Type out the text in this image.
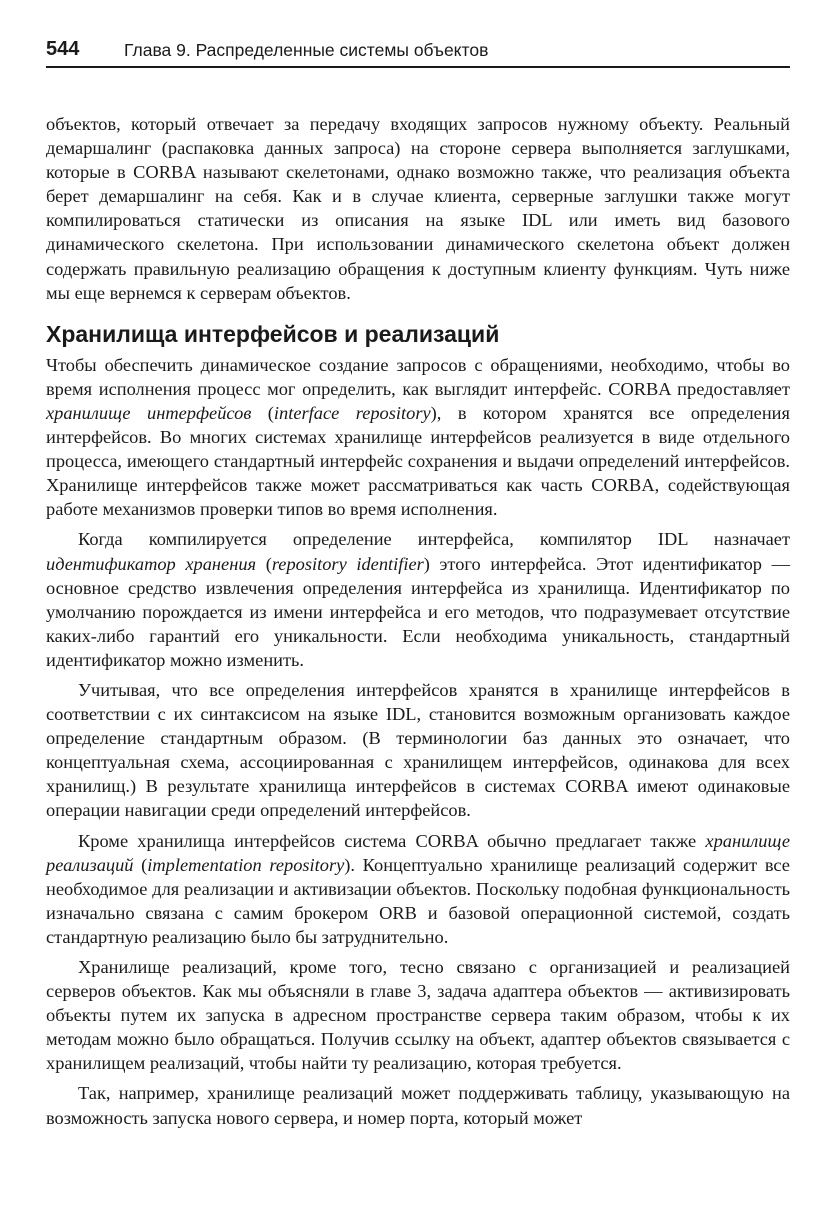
544	Глава 9. Распределенные системы объектов

объектов, который отвечает за передачу входящих запросов нужному объекту. Реальный демаршалинг (распаковка данных запроса) на стороне сервера выполняется заглушками, которые в CORBA называют скелетонами, однако возможно также, что реализация объекта берет демаршалинг на себя. Как и в случае клиента, серверные заглушки также могут компилироваться статически из описания на языке IDL или иметь вид базового динамического скелетона. При использовании динамического скелетона объект должен содержать правильную реализацию обращения к доступным клиенту функциям. Чуть ниже мы еще вернемся к серверам объектов.

Хранилища интерфейсов и реализаций

Чтобы обеспечить динамическое создание запросов с обращениями, необходимо, чтобы во время исполнения процесс мог определить, как выглядит интерфейс. CORBA предоставляет хранилище интерфейсов (interface repository), в котором хранятся все определения интерфейсов. Во многих системах хранилище интерфейсов реализуется в виде отдельного процесса, имеющего стандартный интерфейс сохранения и выдачи определений интерфейсов. Хранилище интерфейсов также может рассматриваться как часть CORBA, содействующая работе механизмов проверки типов во время исполнения.

Когда компилируется определение интерфейса, компилятор IDL назначает идентификатор хранения (repository identifier) этого интерфейса. Этот идентификатор — основное средство извлечения определения интерфейса из хранилища. Идентификатор по умолчанию порождается из имени интерфейса и его методов, что подразумевает отсутствие каких-либо гарантий его уникальности. Если необходима уникальность, стандартный идентификатор можно изменить.

Учитывая, что все определения интерфейсов хранятся в хранилище интерфейсов в соответствии с их синтаксисом на языке IDL, становится возможным организовать каждое определение стандартным образом. (В терминологии баз данных это означает, что концептуальная схема, ассоциированная с хранилищем интерфейсов, одинакова для всех хранилищ.) В результате хранилища интерфейсов в системах CORBA имеют одинаковые операции навигации среди определений интерфейсов.

Кроме хранилища интерфейсов система CORBA обычно предлагает также хранилище реализаций (implementation repository). Концептуально хранилище реализаций содержит все необходимое для реализации и активизации объектов. Поскольку подобная функциональность изначально связана с самим брокером ORB и базовой операционной системой, создать стандартную реализацию было бы затруднительно.

Хранилище реализаций, кроме того, тесно связано с организацией и реализацией серверов объектов. Как мы объясняли в главе 3, задача адаптера объектов — активизировать объекты путем их запуска в адресном пространстве сервера таким образом, чтобы к их методам можно было обращаться. Получив ссылку на объект, адаптер объектов связывается с хранилищем реализаций, чтобы найти ту реализацию, которая требуется.

Так, например, хранилище реализаций может поддерживать таблицу, указывающую на возможность запуска нового сервера, и номер порта, который может
